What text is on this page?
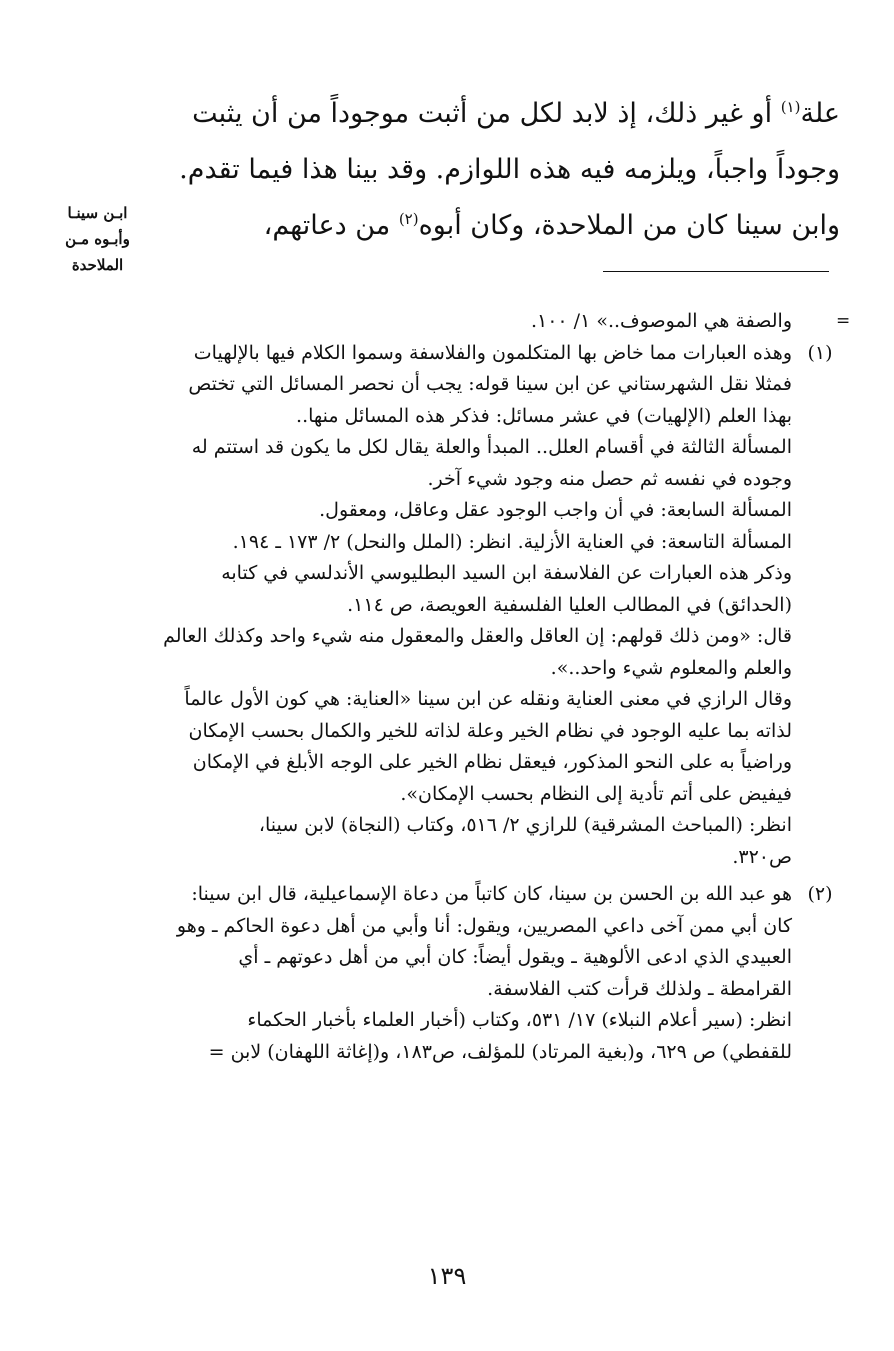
علة$^{(١)}$ أو غير ذلك، إذ لابد لكل من أثبت موجوداً من أن يثبت

وجوداً واجباً، ويلزمه فيه هذه اللوازم. وقد بينا هذا فيما تقدم.

وابن سينا كان من الملاحدة، وكان أبوه$^{(٢)}$ من دعاتهم،

ابـن سينـا
وأبـوه مـن
الملاحدة
=

والصفة هي الموصوف..» ١/ ١٠٠.

(١)

وهذه العبارات مما خاض بها المتكلمون والفلاسفة وسموا الكلام فيها بالإلهيات

فمثلا نقل الشهرستاني عن ابن سينا قوله: يجب أن نحصر المسائل التي تختص

بهذا العلم (الإلهيات) في عشر مسائل: فذكر هذه المسائل منها..

المسألة الثالثة في أقسام العلل.. المبدأ والعلة يقال لكل ما يكون قد استتم له

وجوده في نفسه ثم حصل منه وجود شيء آخر.

المسألة السابعة: في أن واجب الوجود عقل وعاقل، ومعقول.

المسألة التاسعة: في العناية الأزلية. انظر: (الملل والنحل) ٢/ ١٧٣ ـ ١٩٤.

وذكر هذه العبارات عن الفلاسفة ابن السيد البطليوسي الأندلسي في كتابه

(الحدائق) في المطالب العليا الفلسفية العويصة، ص ١١٤.

قال: «ومن ذلك قولهم: إن العاقل والعقل والمعقول منه شيء واحد وكذلك العالم

والعلم والمعلوم شيء واحد..».

وقال الرازي في معنى العناية ونقله عن ابن سينا «العناية: هي كون الأول عالماً

لذاته بما عليه الوجود في نظام الخير وعلة لذاته للخير والكمال بحسب الإمكان

وراضياً به على النحو المذكور، فيعقل نظام الخير على الوجه الأبلغ في الإمكان

فيفيض على أتم تأدية إلى النظام بحسب الإمكان».

انظر: (المباحث المشرقية) للرازي ٢/ ٥١٦، وكتاب (النجاة) لابن سينا،

ص٣٢٠.

(٢)

هو عبد الله بن الحسن بن سينا، كان كاتباً من دعاة الإسماعيلية، قال ابن سينا:

كان أبي ممن آخى داعي المصريين، ويقول: أنا وأبي من أهل دعوة الحاكم ـ وهو

العبيدي الذي ادعى الألوهية ـ ويقول أيضاً: كان أبي من أهل دعوتهم ـ أي

القرامطة ـ ولذلك قرأت كتب الفلاسفة.

انظر: (سير أعلام النبلاء) ١٧/ ٥٣١، وكتاب (أخبار العلماء بأخبار الحكماء

للقفطي) ص ٦٢٩، و(بغية المرتاد) للمؤلف، ص١٨٣، و(إغاثة اللهفان) لابن =

١٣٩
